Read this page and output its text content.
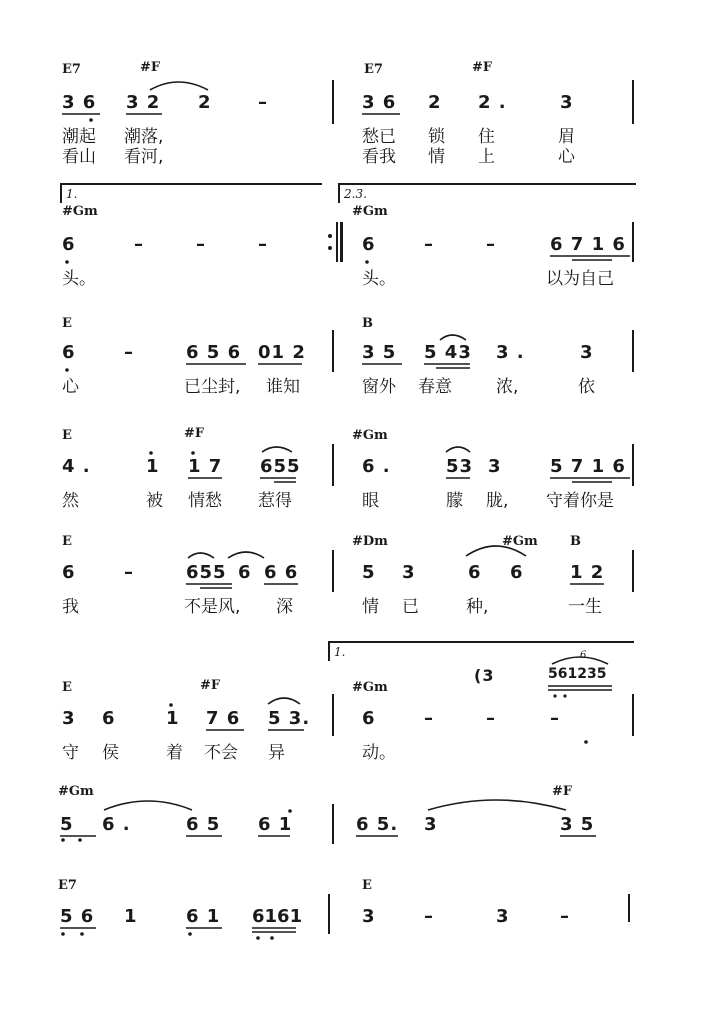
E7	#F	E7	#F
3 6 3 2 2	–	3 6 2 2 .	3
潮起 潮落,	愁已 锁 住	眉
看山 看河,	看我 情 上	心
1.	2.3.
#Gm	#Gm
6	–	–	–	6	–	–	6 7 1 6
头。	头。	以为自己
E	B
6	–	6 5 6 01 2	3 5 5 43 3 .	3
心	已尘封, 谁知	窗外 春意	浓,	依
E	#F	#Gm
4 .	1 1 7 655	6 .	53 3	5 7 1 6
然	被 情愁 惹得	眼	朦 胧, 守着你是
E	#Dm	#Gm B
6	–	655 6 6 6	5 3	6 6	1 2
我	不是风, 深	情 已	种,	一生
1.
E	#F	#Gm
3 6	1 7 6 5 3.	6	–	–	–
(3	561235
6
守 侯	着 不会 异	动。
#Gm	#F
5 6 .	6 5 6 1	6 5. 3	3 5
E7	E
5 6 1	6 1 6161	3	–	3	–
